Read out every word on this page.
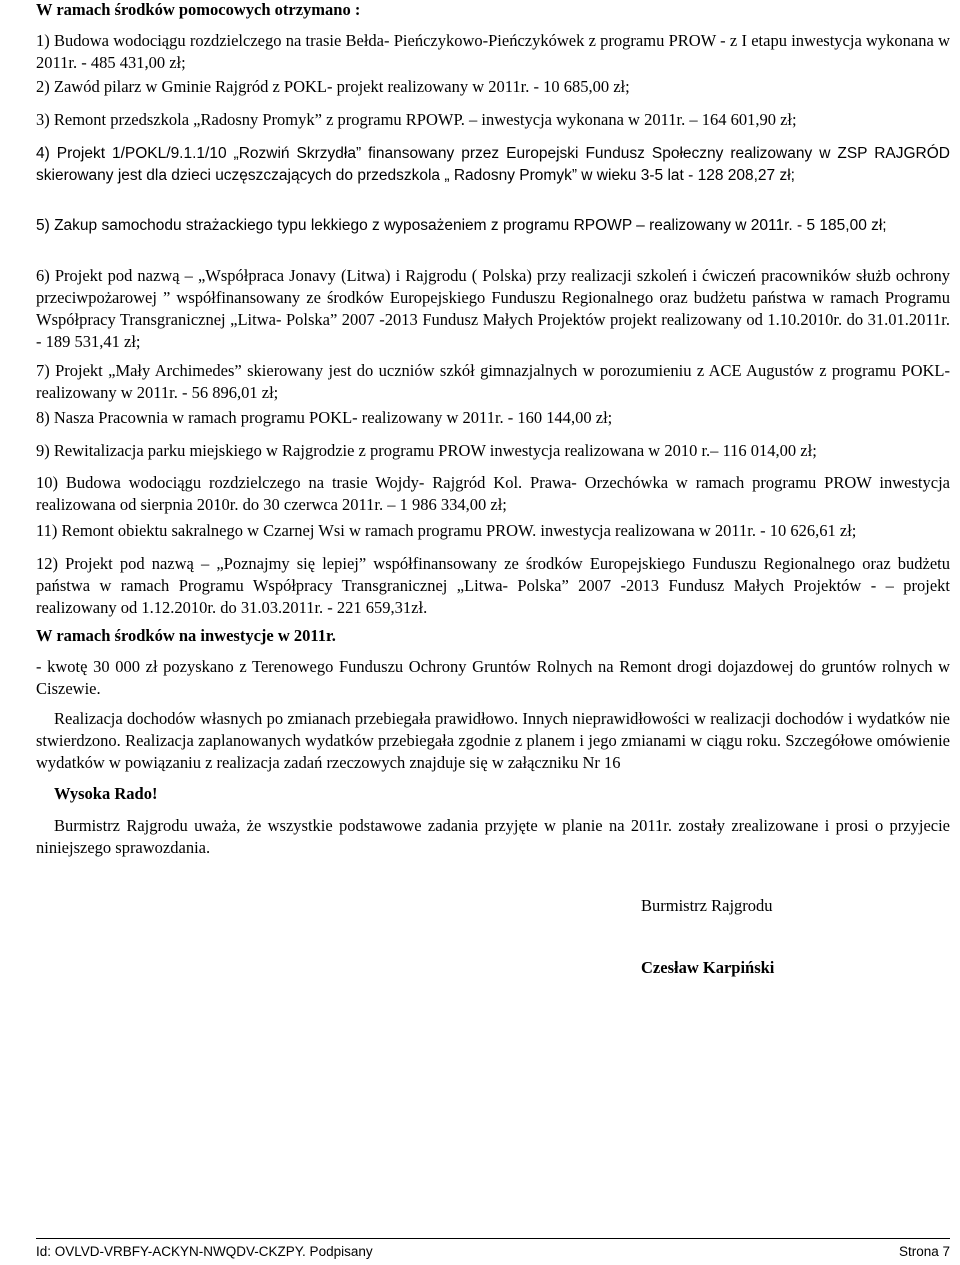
W ramach środków pomocowych otrzymano :
1) Budowa wodociągu rozdzielczego na trasie Bełda- Pieńczykowo-Pieńczykówek z programu PROW - z I etapu inwestycja wykonana w 2011r. - 485 431,00 zł;
2) Zawód pilarz w Gminie Rajgród z POKL- projekt realizowany w 2011r. - 10 685,00 zł;
3) Remont przedszkola „Radosny Promyk” z programu RPOWP. – inwestycja wykonana w 2011r. – 164 601,90 zł;
4) Projekt 1/POKL/9.1.1/10 „Rozwiń Skrzydła” finansowany przez Europejski Fundusz Społeczny realizowany w ZSP RAJGRÓD skierowany jest dla dzieci uczęszczających do przedszkola „ Radosny Promyk” w wieku 3-5 lat - 128 208,27 zł;
5) Zakup samochodu strażackiego typu lekkiego z wyposażeniem z programu RPOWP – realizowany w 2011r. - 5 185,00 zł;
6) Projekt pod nazwą – „Współpraca Jonavy (Litwa) i Rajgrodu ( Polska) przy realizacji szkoleń i ćwiczeń pracowników służb ochrony przeciwpożarowej ” współfinansowany ze środków Europejskiego Funduszu Regionalnego oraz budżetu państwa w ramach Programu Współpracy Transgranicznej „Litwa- Polska” 2007 -2013 Fundusz Małych Projektów projekt realizowany od 1.10.2010r. do 31.01.2011r. - 189 531,41 zł;
7) Projekt „Mały Archimedes” skierowany jest do uczniów szkół gimnazjalnych w porozumieniu z ACE Augustów z programu POKL- realizowany w 2011r. - 56 896,01 zł;
8) Nasza Pracownia w ramach programu POKL- realizowany w 2011r. - 160 144,00 zł;
9) Rewitalizacja parku miejskiego w Rajgrodzie z programu PROW inwestycja realizowana w 2010 r.– 116 014,00 zł;
10) Budowa wodociągu rozdzielczego na trasie Wojdy- Rajgród Kol. Prawa- Orzechówka w ramach programu PROW inwestycja realizowana od sierpnia 2010r. do 30 czerwca 2011r. – 1 986 334,00 zł;
11) Remont obiektu sakralnego w Czarnej Wsi w ramach programu PROW. inwestycja realizowana w 2011r. - 10 626,61 zł;
12) Projekt pod nazwą – „Poznajmy się lepiej” współfinansowany ze środków Europejskiego Funduszu Regionalnego oraz budżetu państwa w ramach Programu Współpracy Transgranicznej „Litwa- Polska” 2007 -2013 Fundusz Małych Projektów - – projekt realizowany od 1.12.2010r. do 31.03.2011r. - 221 659,31zł.
W ramach środków na inwestycje w 2011r.
- kwotę 30 000 zł pozyskano z Terenowego Funduszu Ochrony Gruntów Rolnych na Remont drogi dojazdowej do gruntów rolnych w Ciszewie.
Realizacja dochodów własnych po zmianach przebiegała prawidłowo. Innych nieprawidłowości w realizacji dochodów i wydatków nie stwierdzono. Realizacja zaplanowanych wydatków przebiegała zgodnie z planem i jego zmianami w ciągu roku. Szczegółowe omówienie wydatków w powiązaniu z realizacja zadań rzeczowych znajduje się w załączniku Nr 16
Wysoka Rado!
Burmistrz Rajgrodu uważa, że wszystkie podstawowe zadania przyjęte w planie na 2011r. zostały zrealizowane i prosi o przyjecie niniejszego sprawozdania.
Burmistrz Rajgrodu
Czesław Karpiński
Id: OVLVD-VRBFY-ACKYN-NWQDV-CKZPY. Podpisany	Strona 7
